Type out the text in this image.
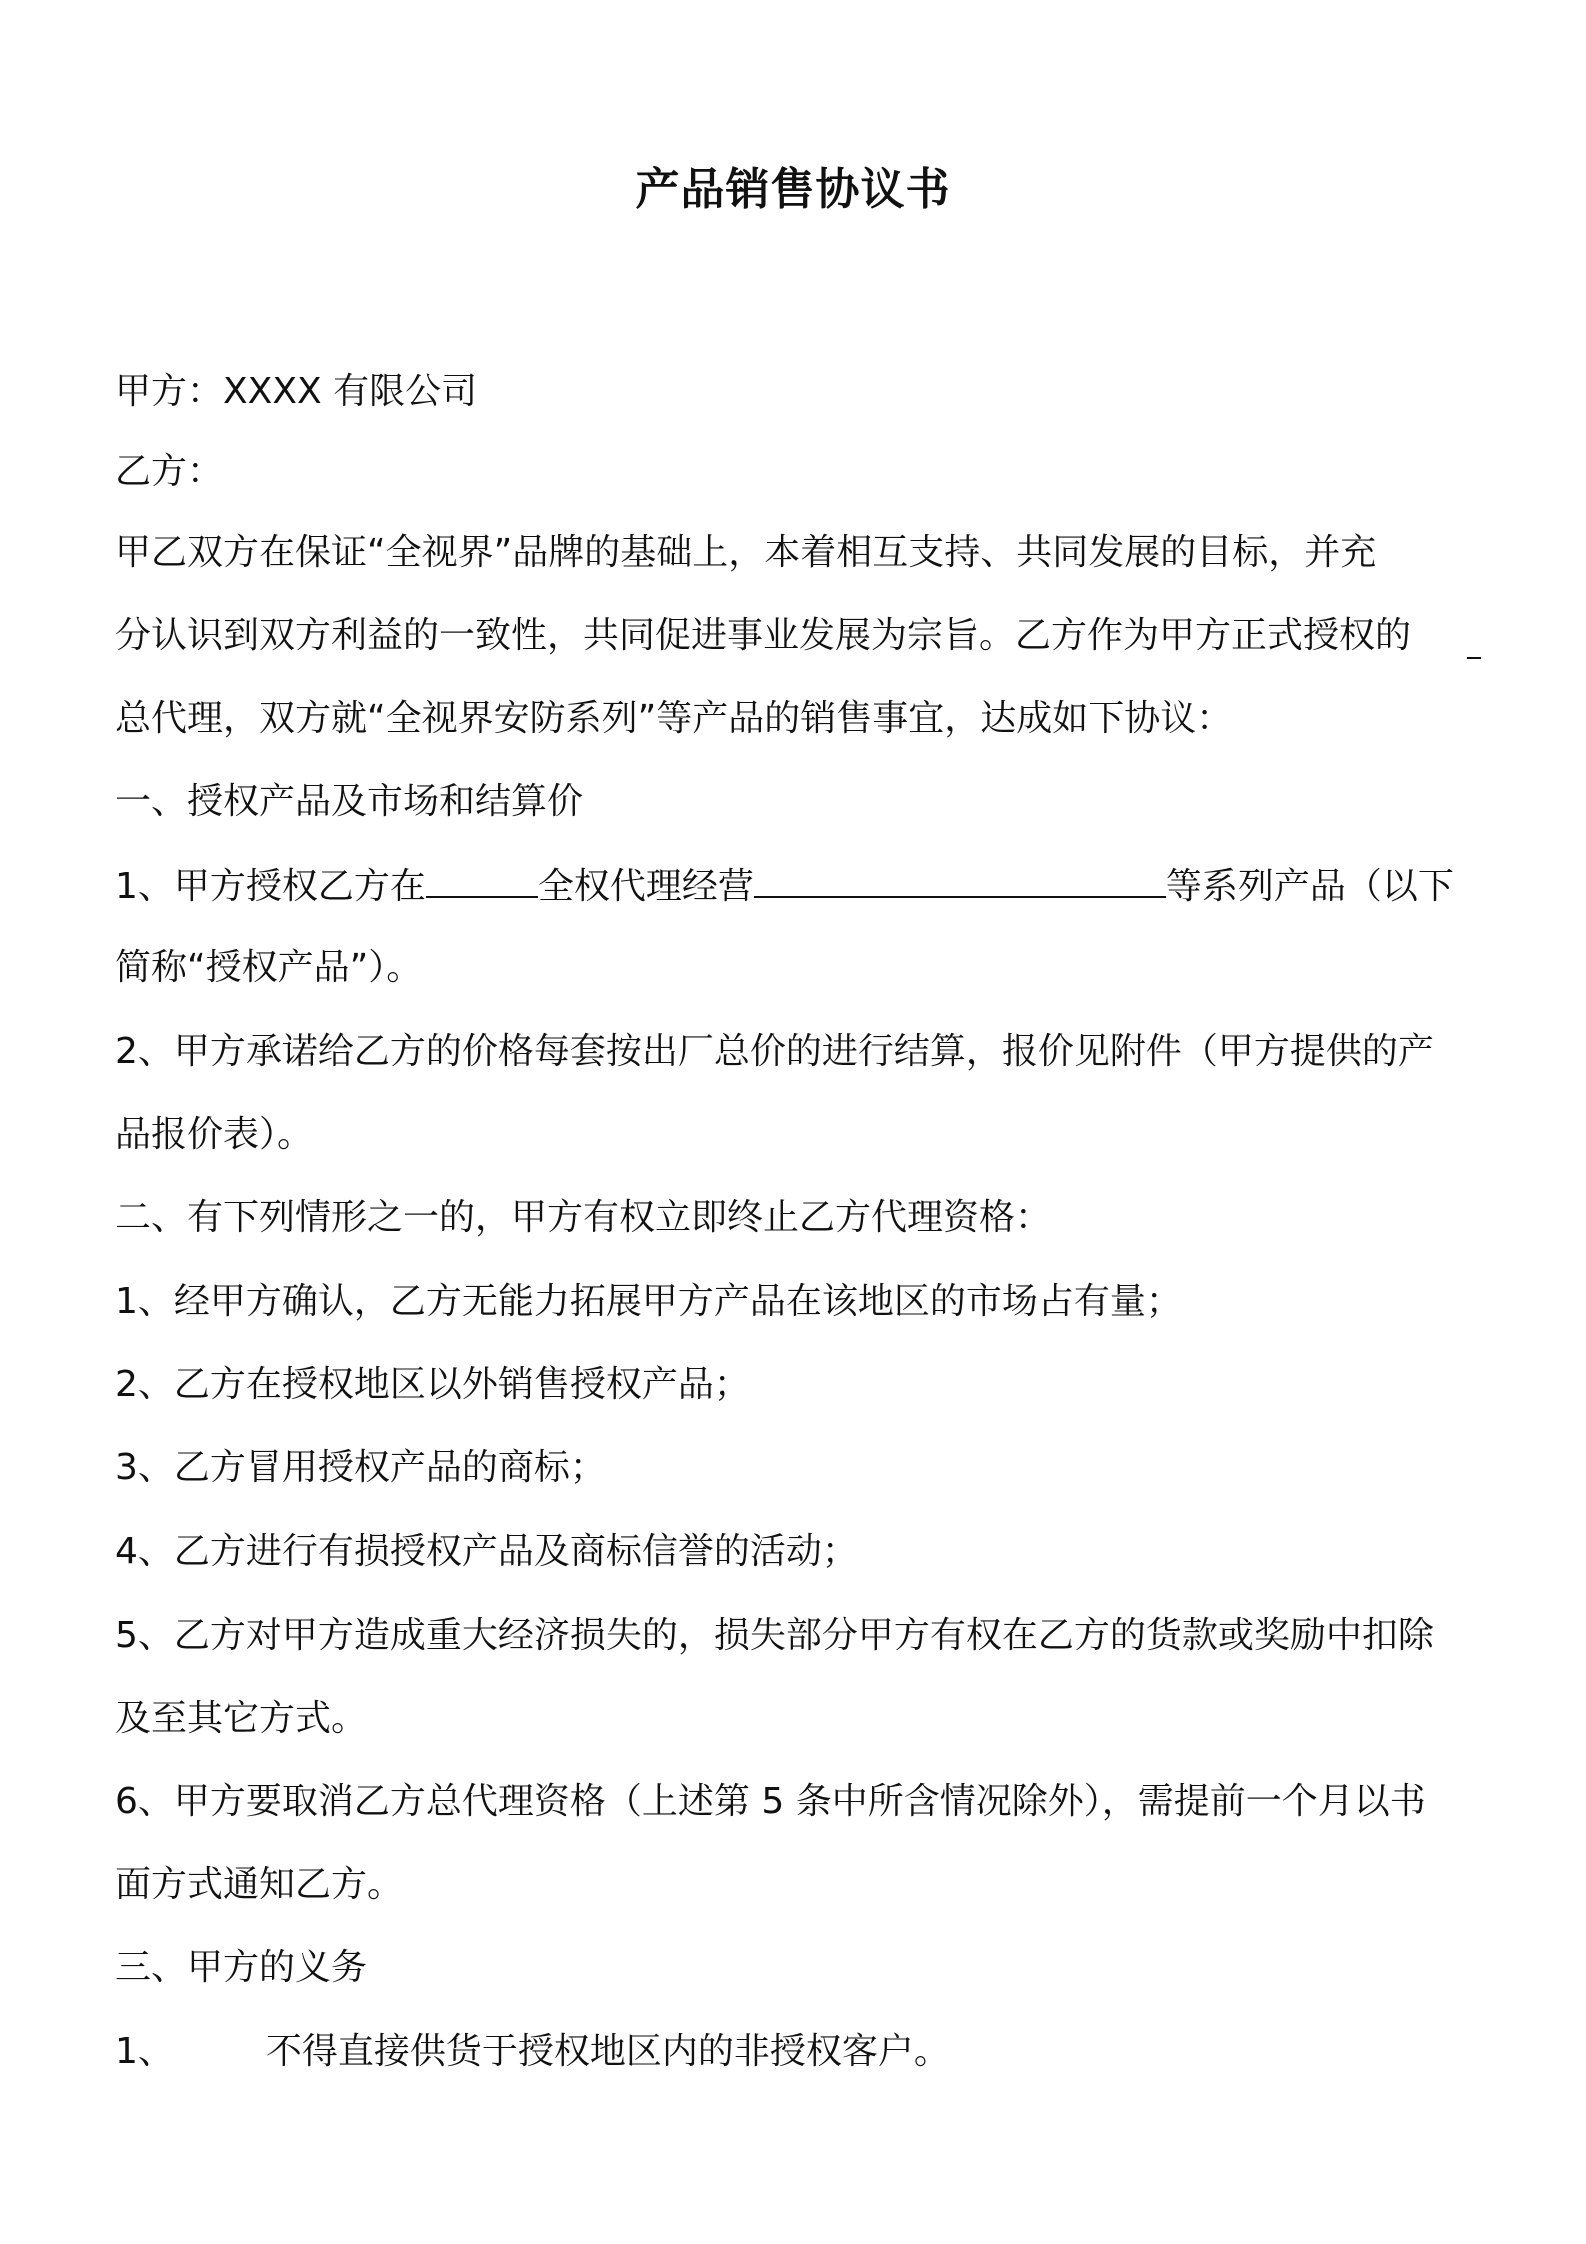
产品销售协议书
甲方：XXXX 有限公司
乙方：
甲乙双方在保证“全视界”品牌的基础上，本着相互支持、共同发展的目标，并充
分认识到双方利益的一致性，共同促进事业发展为宗旨。乙方作为甲方正式授权的
总代理，双方就“全视界安防系列”等产品的销售事宜，达成如下协议：
一、授权产品及市场和结算价
1、甲方授权乙方在	全权代理经营	等系列产品（以下
简称“授权产品”）。
2、甲方承诺给乙方的价格每套按出厂总价的进行结算，报价见附件（甲方提供的产
品报价表）。
二、有下列情形之一的，甲方有权立即终止乙方代理资格：
1、经甲方确认，乙方无能力拓展甲方产品在该地区的市场占有量；
2、乙方在授权地区以外销售授权产品；
3、乙方冒用授权产品的商标；
4、乙方进行有损授权产品及商标信誉的活动；
5、乙方对甲方造成重大经济损失的，损失部分甲方有权在乙方的货款或奖励中扣除
及至其它方式。
6、甲方要取消乙方总代理资格（上述第 5 条中所含情况除外），需提前一个月以书
面方式通知乙方。
三、甲方的义务
1、	不得直接供货于授权地区内的非授权客户。
